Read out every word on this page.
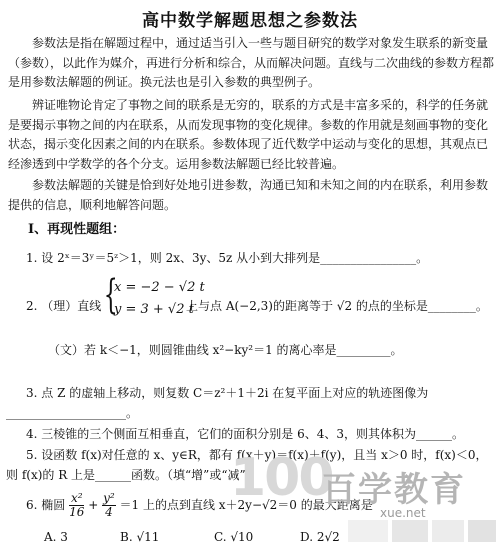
高中数学解题思想之参数法
参数法是指在解题过程中，通过适当引入一些与题目研究的数学对象发生联系的新变量（参数），以此作为媒介，再进行分析和综合，从而解决问题。直线与二次曲线的参数方程都是用参数法解题的例证。换元法也是引入参数的典型例子。
辨证唯物论肯定了事物之间的联系是无穷的，联系的方式是丰富多采的，科学的任务就是要揭示事物之间的内在联系，从而发现事物的变化规律。参数的作用就是刻画事物的变化状态，揭示变化因素之间的内在联系。参数体现了近代数学中运动与变化的思想，其观点已经渗透到中学数学的各个分支。运用参数法解题已经比较普遍。
参数法解题的关键是恰到好处地引进参数，沟通已知和未知之间的内在联系，利用参数提供的信息，顺利地解答问题。
Ⅰ、再现性题组：
1. 设 2ˣ＝3ʸ＝5ᶻ＞1，则 2x、3y、5z 从小到大排列是________________。
2. （理）直线 {
x = −2 − √2 t
y = 3 + √2 t
上与点 A(−2,3)的距离等于 √2 的点的坐标是________。
（文）若 k＜−1，则圆锥曲线 x²−ky²＝1 的离心率是_________。
3. 点 Z 的虚轴上移动，则复数 C＝z²＋1＋2i 在复平面上对应的轨迹图像为
____________________。
4. 三棱锥的三个侧面互相垂直，它们的面积分别是 6、4、3，则其体积为______。
5. 设函数 f(x)对任意的 x、y∈R，都有 f(x＋y)＝f(x)＋f(y)，且当 x＞0 时，f(x)＜0，
则 f(x)的 R 上是______函数。（填“增”或“减”）
6. 椭圆 $\frac{\text{x²}}{16} + \frac{\text{y²}}{4} =1$ 上的点到直线 x＋2y−√2＝0 的最大距离是
A. 3	B. √11	C. √10	D. 2√2
100
百学教育
xue.net
